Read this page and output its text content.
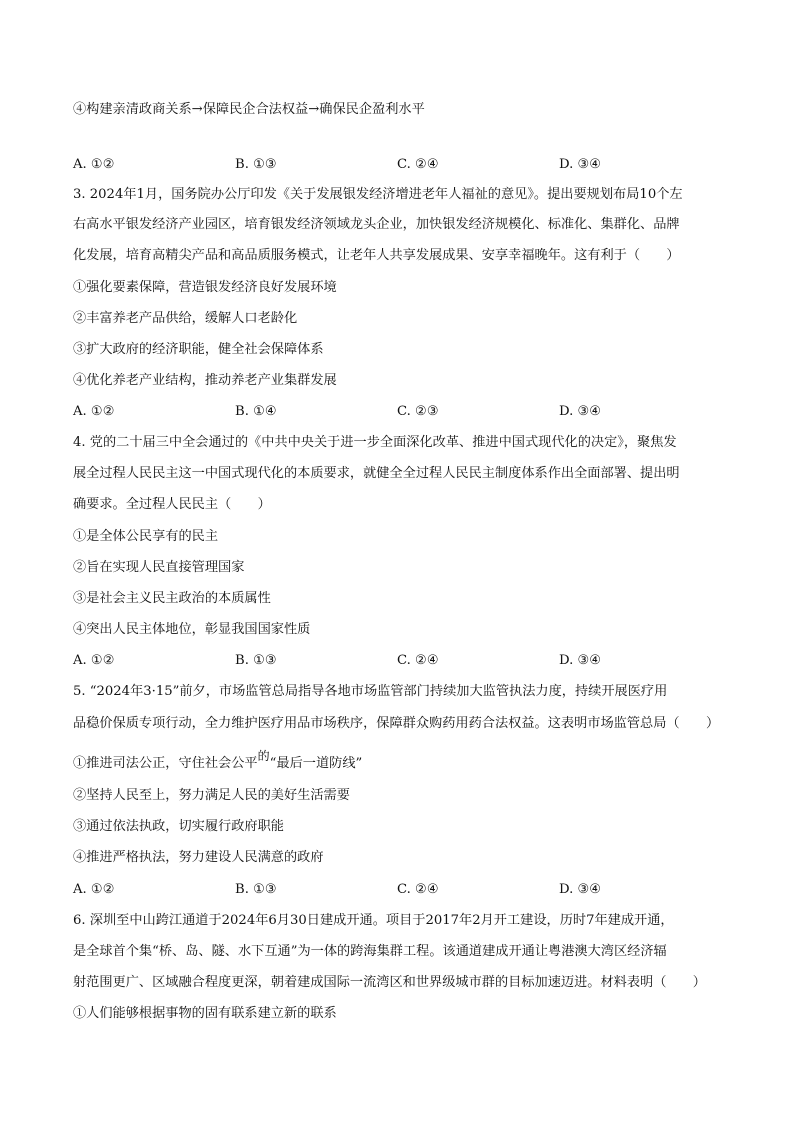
④构建亲清政商关系→保障民企合法权益→确保民企盈利水平
A. ①②	B. ①③	C. ②④	D. ③④
3. 2024年1月，国务院办公厅印发《关于发展银发经济增进老年人福祉的意见》。提出要规划布局10个左
右高水平银发经济产业园区，培育银发经济领域龙头企业，加快银发经济规模化、标准化、集群化、品牌
化发展，培育高精尖产品和高品质服务模式，让老年人共享发展成果、安享幸福晚年。这有利于（　　）
①强化要素保障，营造银发经济良好发展环境
②丰富养老产品供给，缓解人口老龄化
③扩大政府的经济职能，健全社会保障体系
④优化养老产业结构，推动养老产业集群发展
A. ①②	B. ①④	C. ②③	D. ③④
4. 党的二十届三中全会通过的《中共中央关于进一步全面深化改革、推进中国式现代化的决定》，聚焦发
展全过程人民民主这一中国式现代化的本质要求，就健全全过程人民民主制度体系作出全面部署、提出明
确要求。全过程人民民主（　　）
①是全体公民享有的民主
②旨在实现人民直接管理国家
③是社会主义民主政治的本质属性
④突出人民主体地位，彰显我国国家性质
A. ①②	B. ①③	C. ②④	D. ③④
5. “2024年3·15”前夕，市场监管总局指导各地市场监管部门持续加大监管执法力度，持续开展医疗用
品稳价保质专项行动，全力维护医疗用品市场秩序，保障群众购药用药合法权益。这表明市场监管总局（　　）
①推进司法公正，守住社会公平的“最后一道防线”
②坚持人民至上，努力满足人民的美好生活需要
③通过依法执政，切实履行政府职能
④推进严格执法，努力建设人民满意的政府
A. ①②	B. ①③	C. ②④	D. ③④
6. 深圳至中山跨江通道于2024年6月30日建成开通。项目于2017年2月开工建设，历时7年建成开通，
是全球首个集“桥、岛、隧、水下互通”为一体的跨海集群工程。该通道建成开通让粤港澳大湾区经济辐
射范围更广、区域融合程度更深，朝着建成国际一流湾区和世界级城市群的目标加速迈进。材料表明（　　）
①人们能够根据事物的固有联系建立新的联系
